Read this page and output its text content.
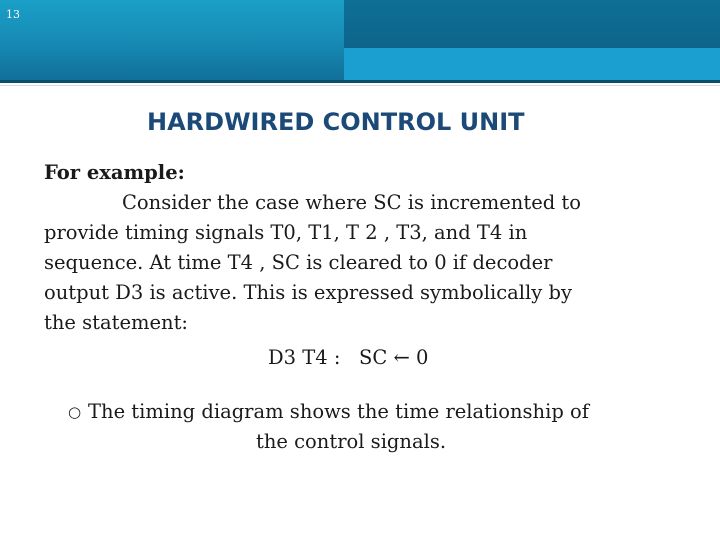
13
HARDWIRED CONTROL UNIT

For example:

Consider the case where SC is incremented to

provide timing signals T0, T1, T 2 , T3, and T4 in

sequence. At time T4 , SC is cleared to 0 if decoder

output D3 is active. This is expressed symbolically by

the statement:

D3 T4 :   SC ← 0

○ The timing diagram shows the time relationship of

the control signals.
